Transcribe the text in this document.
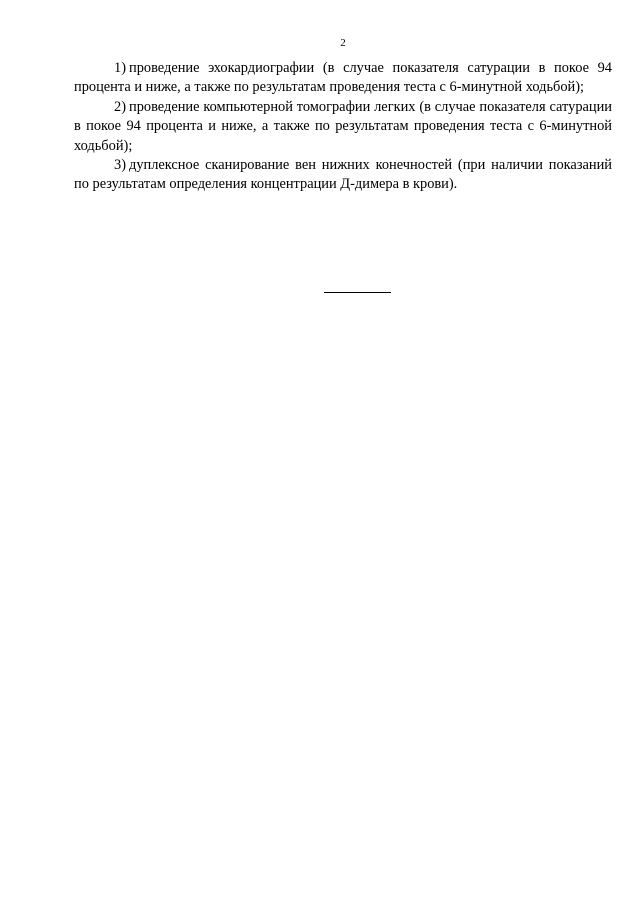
2

1) проведение эхокардиографии (в случае показателя сатурации в покое 94 процента и ниже, а также по результатам проведения теста с 6-минутной ходьбой);

2) проведение компьютерной томографии легких (в случае показателя сатурации в покое 94 процента и ниже, а также по результатам проведения теста с 6-минутной ходьбой);

3) дуплексное сканирование вен нижних конечностей (при наличии показаний по результатам определения концентрации Д-димера в крови).
